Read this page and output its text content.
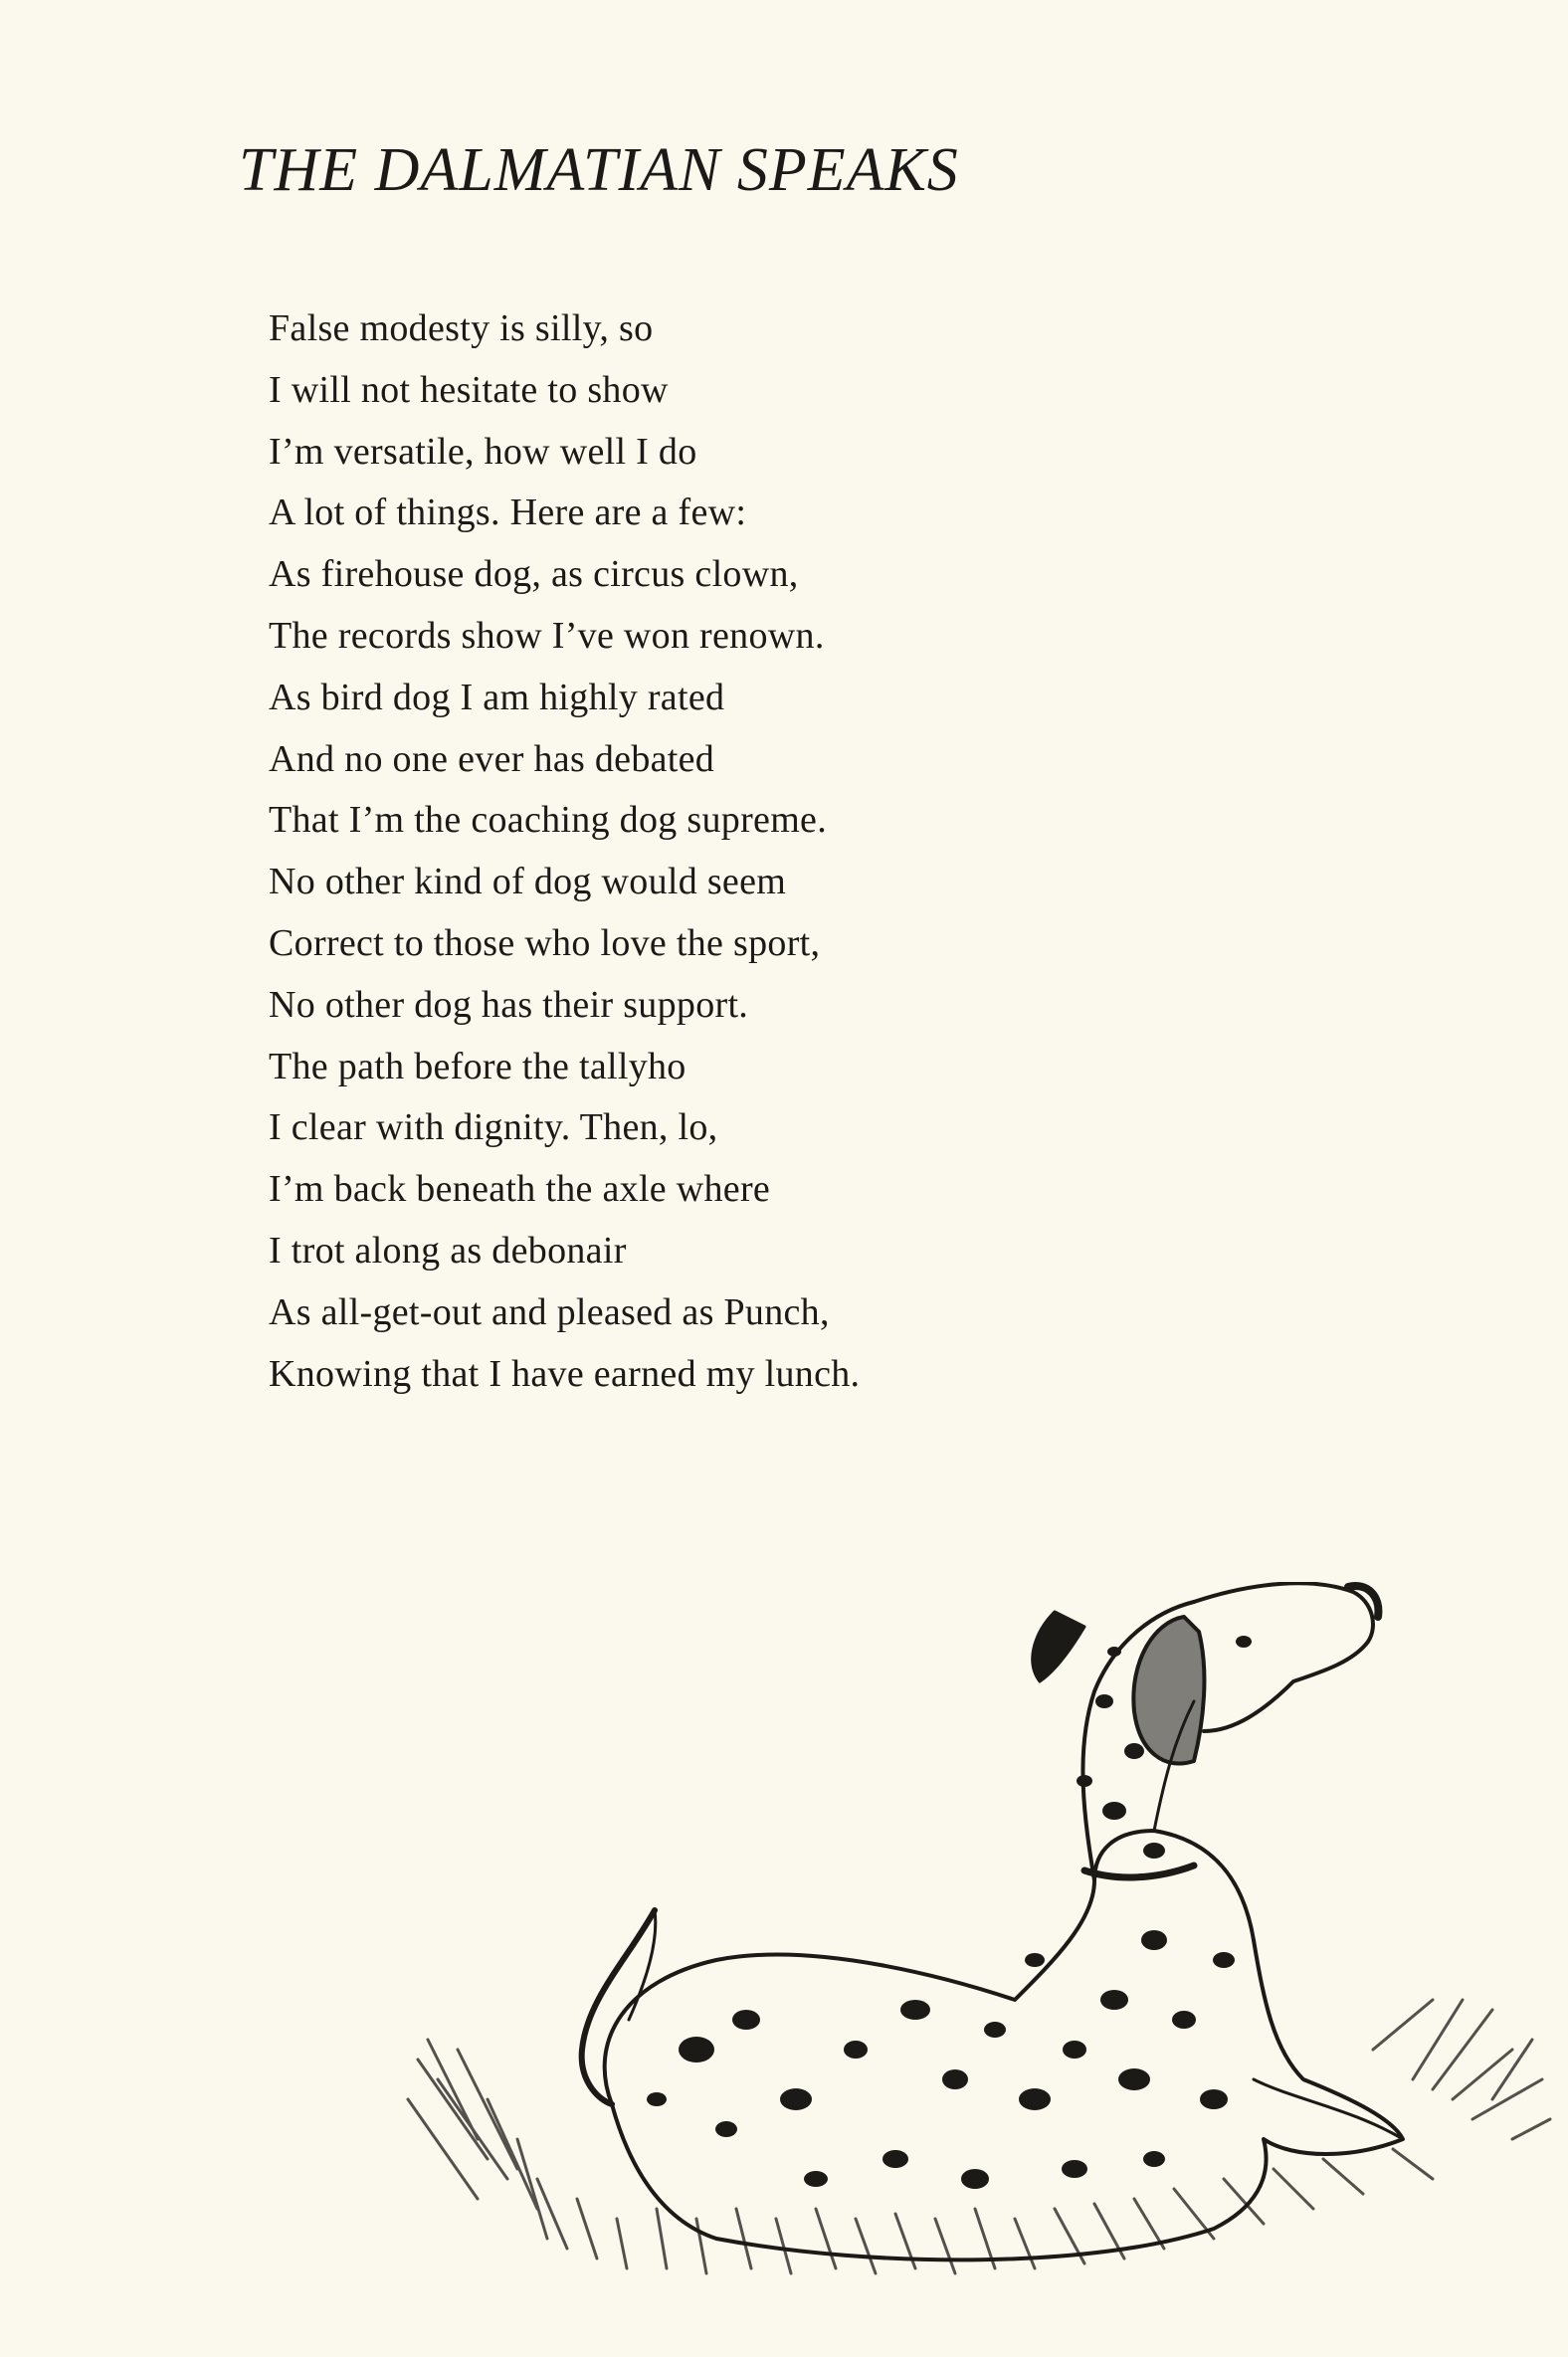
THE DALMATIAN SPEAKS
False modesty is silly, so
I will not hesitate to show
I’m versatile, how well I do
A lot of things. Here are a few:
As firehouse dog, as circus clown,
The records show I’ve won renown.
As bird dog I am highly rated
And no one ever has debated
That I’m the coaching dog supreme.
No other kind of dog would seem
Correct to those who love the sport,
No other dog has their support.
The path before the tallyho
I clear with dignity. Then, lo,
I’m back beneath the axle where
I trot along as debonair
As all-get-out and pleased as Punch,
Knowing that I have earned my lunch.
